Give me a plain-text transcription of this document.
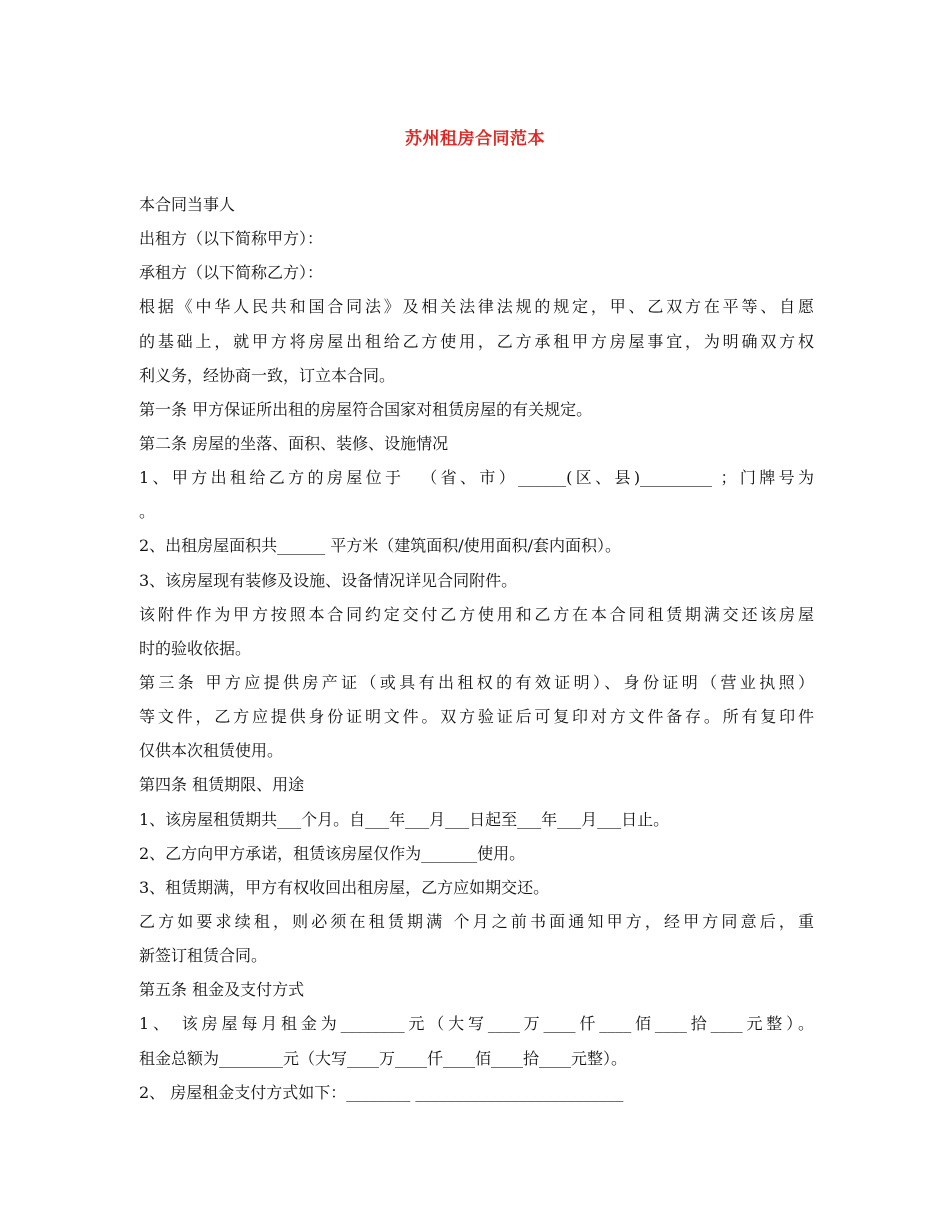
苏州租房合同范本
本合同当事人
出租方（以下简称甲方）：
承租方（以下简称乙方）：
根据《中华人民共和国合同法》及相关法律法规的规定，甲、乙双方在平等、自愿
的基础上，就甲方将房屋出租给乙方使用，乙方承租甲方房屋事宜，为明确双方权
利义务，经协商一致，订立本合同。
第一条 甲方保证所出租的房屋符合国家对租赁房屋的有关规定。
第二条 房屋的坐落、面积、装修、设施情况
1、甲方出租给乙方的房屋位于  （省、市）______(区、县)_________ ；门牌号为
。
2、出租房屋面积共______ 平方米（建筑面积/使用面积/套内面积）。
3、该房屋现有装修及设施、设备情况详见合同附件。
该附件作为甲方按照本合同约定交付乙方使用和乙方在本合同租赁期满交还该房屋
时的验收依据。
第三条 甲方应提供房产证（或具有出租权的有效证明）、身份证明（营业执照）
等文件，乙方应提供身份证明文件。双方验证后可复印对方文件备存。所有复印件
仅供本次租赁使用。
第四条 租赁期限、用途
1、该房屋租赁期共___个月。自___年___月___日起至___年___月___日止。
2、乙方向甲方承诺，租赁该房屋仅作为_______使用。
3、租赁期满，甲方有权收回出租房屋，乙方应如期交还。
乙方如要求续租，则必须在租赁期满 个月之前书面通知甲方，经甲方同意后，重
新签订租赁合同。
第五条 租金及支付方式
1、 该房屋每月租金为________元（大写____万____仟____佰____拾____元整）。
租金总额为________元（大写____万____仟____佰____拾____元整）。
2、 房屋租金支付方式如下：________ __________________________
